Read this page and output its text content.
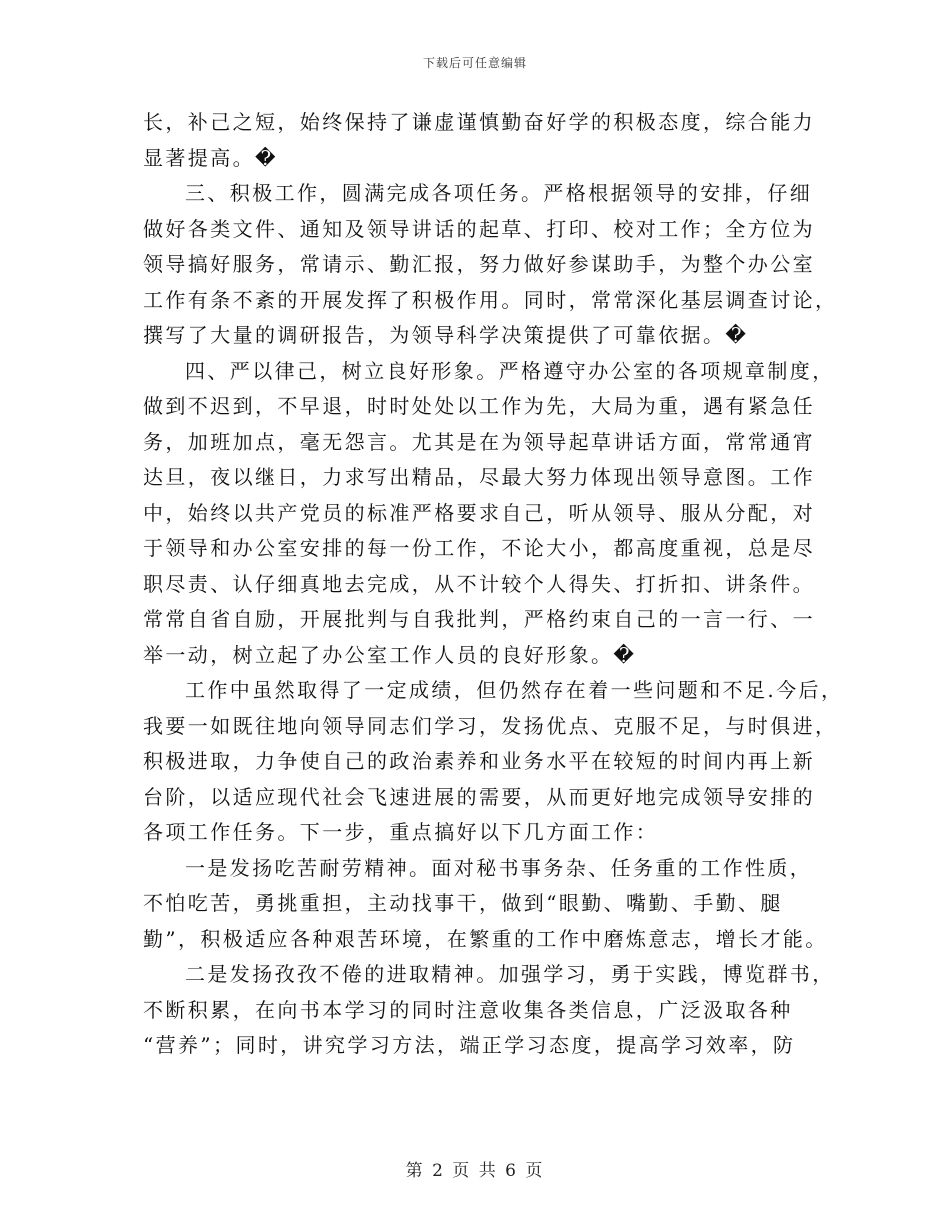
下载后可任意编辑
长，补己之短，始终保持了谦虚谨慎勤奋好学的积极态度，综合能力
显著提高。�
三、积极工作，圆满完成各项任务。严格根据领导的安排，仔细
做好各类文件、通知及领导讲话的起草、打印、校对工作；全方位为
领导搞好服务，常请示、勤汇报，努力做好参谋助手，为整个办公室
工作有条不紊的开展发挥了积极作用。同时，常常深化基层调查讨论，
撰写了大量的调研报告，为领导科学决策提供了可靠依据。�
四、严以律己，树立良好形象。严格遵守办公室的各项规章制度，
做到不迟到，不早退，时时处处以工作为先，大局为重，遇有紧急任
务，加班加点，毫无怨言。尤其是在为领导起草讲话方面，常常通宵
达旦，夜以继日，力求写出精品，尽最大努力体现出领导意图。工作
中，始终以共产党员的标准严格要求自己，听从领导、服从分配，对
于领导和办公室安排的每一份工作，不论大小，都高度重视，总是尽
职尽责、认仔细真地去完成，从不计较个人得失、打折扣、讲条件。
常常自省自励，开展批判与自我批判，严格约束自己的一言一行、一
举一动，树立起了办公室工作人员的良好形象。�
工作中虽然取得了一定成绩，但仍然存在着一些问题和不足.今后，
我要一如既往地向领导同志们学习，发扬优点、克服不足，与时俱进，
积极进取，力争使自己的政治素养和业务水平在较短的时间内再上新
台阶，以适应现代社会飞速进展的需要，从而更好地完成领导安排的
各项工作任务。下一步，重点搞好以下几方面工作：
一是发扬吃苦耐劳精神。面对秘书事务杂、任务重的工作性质，
不怕吃苦，勇挑重担，主动找事干，做到“眼勤、嘴勤、手勤、腿
勤”，积极适应各种艰苦环境，在繁重的工作中磨炼意志，增长才能。
二是发扬孜孜不倦的进取精神。加强学习，勇于实践，博览群书，
不断积累，在向书本学习的同时注意收集各类信息，广泛汲取各种
“营养”；同时，讲究学习方法，端正学习态度，提高学习效率，防
第 2 页 共 6 页
